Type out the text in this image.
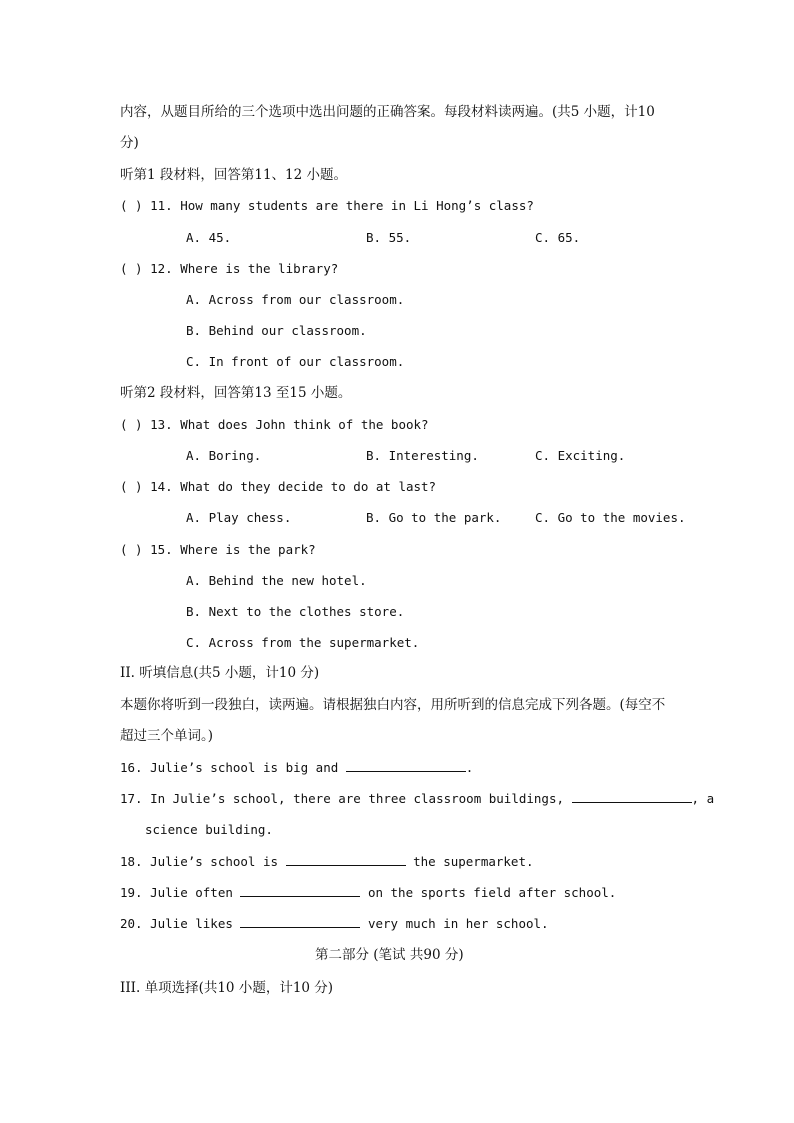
内容，从题目所给的三个选项中选出问题的正确答案。每段材料读两遍。(共5 小题，计10
分)
听第1 段材料，回答第11、12 小题。
( ) 11. How many students are there in Li Hong’s class?
A. 45.	B. 55.	C. 65.
( ) 12. Where is the library?
A. Across from our classroom.
B. Behind our classroom.
C. In front of our classroom.
听第2 段材料，回答第13 至15 小题。
( ) 13. What does John think of the book?
A. Boring.	B. Interesting.	C. Exciting.
( ) 14. What do they decide to do at last?
A. Play chess.	B. Go to the park.	C. Go to the movies.
( ) 15. Where is the park?
A. Behind the new hotel.
B. Next to the clothes store.
C. Across from the supermarket.
II. 听填信息(共5 小题，计10 分)
本题你将听到一段独白，读两遍。请根据独白内容，用所听到的信息完成下列各题。(每空不
超过三个单词。)
16. Julie’s school is big and	.
17. In Julie’s school, there are three classroom buildings,	, a
science building.
18. Julie’s school is	the supermarket.
19. Julie often	on the sports field after school.
20. Julie likes	very much in her school.
第二部分 (笔试 共90 分)
III. 单项选择(共10 小题，计10 分)
